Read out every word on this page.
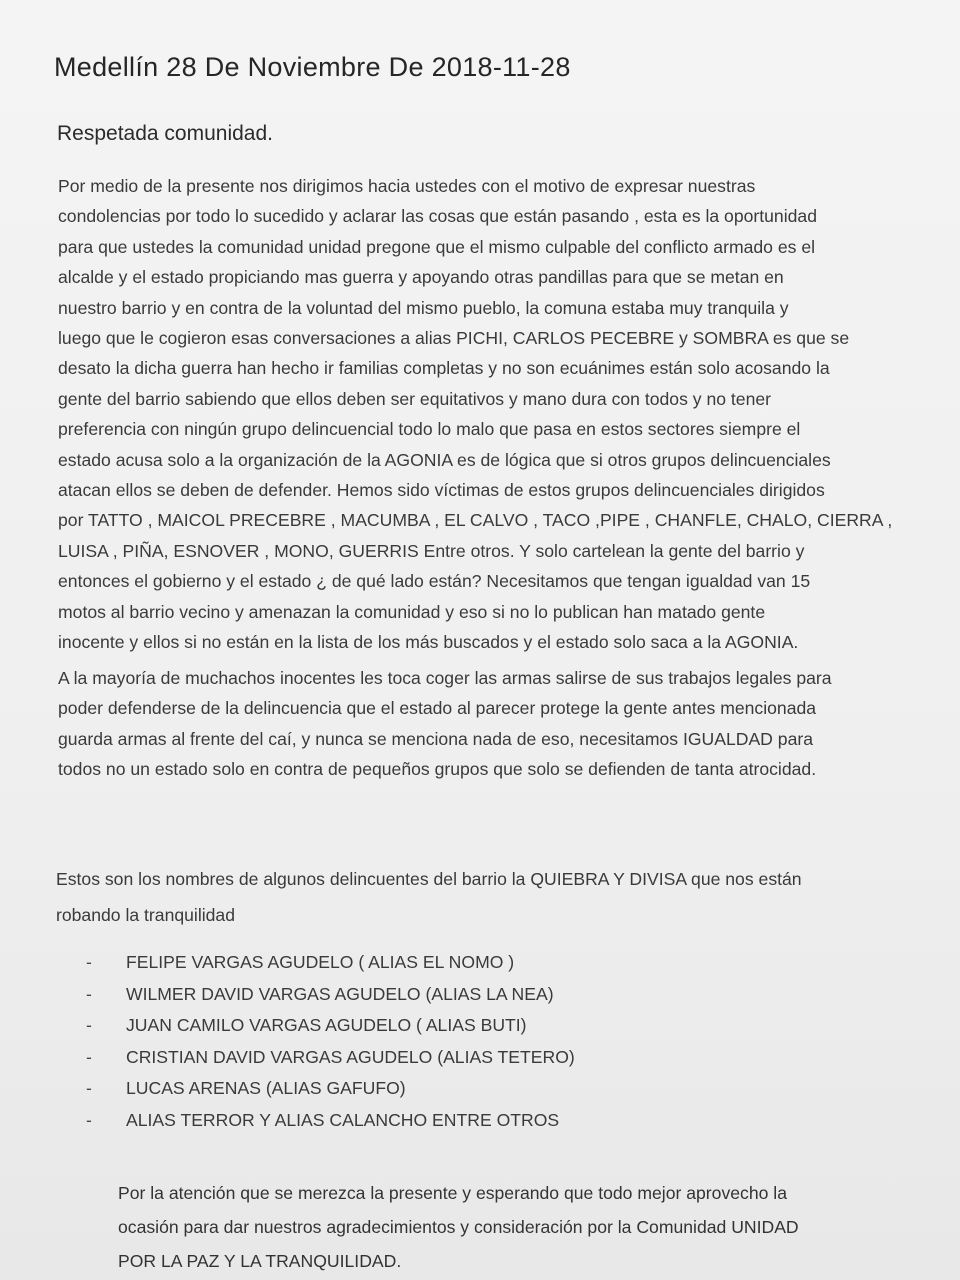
Medellín 28 De Noviembre De 2018-11-28
Respetada comunidad.
Por medio de la presente nos dirigimos hacia ustedes con el motivo de expresar nuestras
condolencias por todo lo sucedido y aclarar las cosas que están pasando , esta es la oportunidad
para que ustedes la comunidad unidad pregone que el mismo culpable del conflicto armado es el
alcalde y el estado propiciando mas guerra y apoyando otras pandillas para que se metan en
nuestro barrio y en contra de la voluntad del mismo pueblo, la comuna estaba muy tranquila y
luego que le cogieron esas conversaciones a alias PICHI, CARLOS PECEBRE y SOMBRA es que se
desato la dicha guerra han hecho ir familias completas y no son ecuánimes están solo acosando la
gente del barrio sabiendo que ellos deben ser equitativos y mano dura con todos y no tener
preferencia con ningún grupo delincuencial todo lo malo que pasa en estos sectores siempre el
estado acusa solo a la organización de la AGONIA es de lógica que si otros grupos delincuenciales
atacan ellos se deben de defender. Hemos sido víctimas de estos grupos delincuenciales dirigidos
por TATTO , MAICOL PRECEBRE , MACUMBA , EL CALVO , TACO ,PIPE , CHANFLE, CHALO, CIERRA ,
LUISA , PIÑA, ESNOVER , MONO, GUERRIS Entre otros. Y solo cartelean la gente del barrio y
entonces el gobierno y el estado ¿ de qué lado están? Necesitamos que tengan igualdad van 15
motos al barrio vecino y amenazan la comunidad y eso si no lo publican han matado gente
inocente y ellos si no están en la lista de los más buscados y el estado solo saca a la AGONIA.
A la mayoría de muchachos inocentes les toca coger las armas salirse de sus trabajos legales para
poder defenderse de la delincuencia que el estado al parecer protege la gente antes mencionada
guarda armas al frente del caí, y nunca se menciona nada de eso, necesitamos IGUALDAD para
todos no un estado solo en contra de pequeños grupos que solo se defienden de tanta atrocidad.
Estos son los nombres de algunos delincuentes del barrio la QUIEBRA Y DIVISA que nos están
robando la tranquilidad
- FELIPE VARGAS AGUDELO ( ALIAS EL NOMO )
- WILMER DAVID VARGAS AGUDELO (ALIAS LA NEA)
- JUAN CAMILO VARGAS AGUDELO ( ALIAS BUTI)
- CRISTIAN DAVID VARGAS AGUDELO (ALIAS TETERO)
- LUCAS ARENAS (ALIAS GAFUFO)
- ALIAS TERROR Y ALIAS CALANCHO ENTRE OTROS
Por la atención que se merezca la presente y esperando que todo mejor aprovecho la
ocasión para dar nuestros agradecimientos y consideración por la Comunidad UNIDAD
POR LA PAZ Y LA TRANQUILIDAD.
